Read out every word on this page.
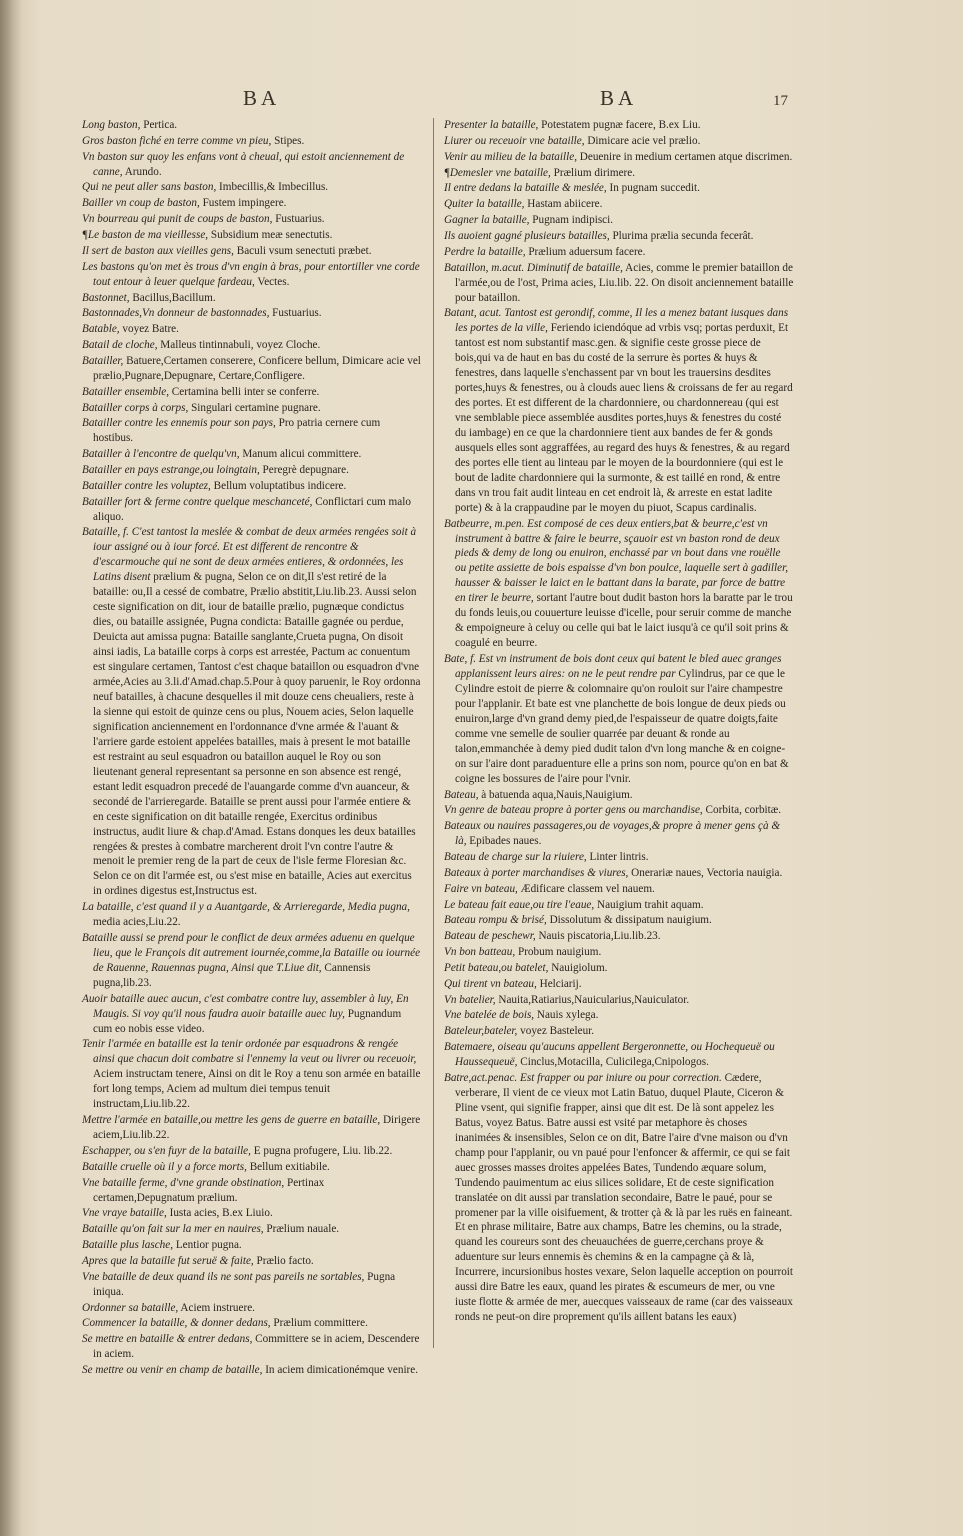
BA	BA	17

Long baston, Pertica.

Gros baston fiché en terre comme vn pieu, Stipes.

Vn baston sur quoy les enfans vont à cheual, qui estoit anciennement de canne, Arundo.

Qui ne peut aller sans baston, Imbecillis,& Imbecillus.

Bailler vn coup de baston, Fustem impingere.

Vn bourreau qui punit de coups de baston, Fustuarius.

¶Le baston de ma vieillesse, Subsidium meæ senectutis.

Il sert de baston aux vieilles gens, Baculi vsum senectuti præbet.

Les bastons qu'on met ès trous d'vn engin à bras, pour entortiller vne corde tout entour à leuer quelque fardeau, Vectes.

Bastonnet, Bacillus,Bacillum.

Bastonnades,Vn donneur de bastonnades, Fustuarius.

Batable, voyez Batre.

Batail de cloche, Malleus tintinnabuli, voyez Cloche.

Batailler, Batuere,Certamen conserere, Conficere bellum, Dimicare acie vel prælio,Pugnare,Depugnare, Certare,Confligere.

Batailler ensemble, Certamina belli inter se conferre.

Batailler corps à corps, Singulari certamine pugnare.

Batailler contre les ennemis pour son pays, Pro patria cernere cum hostibus.

Batailler à l'encontre de quelqu'vn, Manum alicui committere.

Batailler en pays estrange,ou loingtain, Peregrè depugnare.

Batailler contre les voluptez, Bellum voluptatibus indicere.

Batailler fort & ferme contre quelque meschanceté, Conflictari cum malo aliquo.

Bataille, f. C'est tantost la meslée & combat de deux armées rengées soit à iour assigné ou à iour forcé. Et est different de rencontre & d'escarmouche qui ne sont de deux armées entieres, & ordonnées, les Latins disent prælium & pugna, Selon ce on dit,Il s'est retiré de la bataille: ou,Il a cessé de combatre, Prælio abstitit,Liu.lib.23. Aussi selon ceste signification on dit, iour de bataille prælio, pugnæque condictus dies, ou bataille assignée, Pugna condicta: Bataille gagnée ou perdue, Deuicta aut amissa pugna: Bataille sanglante,Crueta pugna, On disoit ainsi iadis, La bataille corps à corps est arrestée, Pactum ac conuentum est singulare certamen, Tantost c'est chaque bataillon ou esquadron d'vne armée,Acies au 3.li.d'Amad.chap.5.Pour à quoy paruenir, le Roy ordonna neuf batailles, à chacune desquelles il mit douze cens cheualiers, reste à la sienne qui estoit de quinze cens ou plus, Nouem acies, Selon laquelle signification anciennement en l'ordonnance d'vne armée & l'auant & l'arriere garde estoient appelées batailles, mais à present le mot bataille est restraint au seul esquadron ou bataillon auquel le Roy ou son lieutenant general representant sa personne en son absence est rengé, estant ledit esquadron precedé de l'auangarde comme d'vn auanceur, & secondé de l'arrieregarde. Bataille se prent aussi pour l'armée entiere & en ceste signification on dit bataille rengée, Exercitus ordinibus instructus, audit liure & chap.d'Amad. Estans donques les deux batailles rengées & prestes à combatre marcherent droit l'vn contre l'autre & menoit le premier reng de la part de ceux de l'isle ferme Floresian &c. Selon ce on dit l'armée est, ou s'est mise en bataille, Acies aut exercitus in ordines digestus est,Instructus est.

La bataille, c'est quand il y a Auantgarde, & Arrieregarde, Media pugna, media acies,Liu.22.

Bataille aussi se prend pour le conflict de deux armées aduenu en quelque lieu, que le François dit autrement iournée,comme,la Bataille ou iournée de Rauenne, Rauennas pugna, Ainsi que T.Liue dit, Cannensis pugna,lib.23.

Auoir bataille auec aucun, c'est combatre contre luy, assembler à luy, En Maugis. Si voy qu'il nous faudra auoir bataille auec luy, Pugnandum cum eo nobis esse video.

Tenir l'armée en bataille est la tenir ordonée par esquadrons & rengée ainsi que chacun doit combatre si l'ennemy la veut ou livrer ou receuoir, Aciem instructam tenere, Ainsi on dit le Roy a tenu son armée en bataille fort long temps, Aciem ad multum diei tempus tenuit instructam,Liu.lib.22.

Mettre l'armée en bataille,ou mettre les gens de guerre en bataille, Dirigere aciem,Liu.lib.22.

Eschapper, ou s'en fuyr de la bataille, E pugna profugere, Liu. lib.22.

Bataille cruelle où il y a force morts, Bellum exitiabile.

Vne bataille ferme, d'vne grande obstination, Pertinax certamen,Depugnatum prælium.

Vne vraye bataille, Iusta acies, B.ex Liuio.

Bataille qu'on fait sur la mer en nauires, Prælium nauale.

Bataille plus lasche, Lentior pugna.

Apres que la bataille fut seruë & faite, Prælio facto.

Vne bataille de deux quand ils ne sont pas pareils ne sortables, Pugna iniqua.

Ordonner sa bataille, Aciem instruere.

Commencer la bataille, & donner dedans, Prælium committere.

Se mettre en bataille & entrer dedans, Committere se in aciem, Descendere in aciem.

Se mettre ou venir en champ de bataille, In aciem dimicationémque venire.

Presenter la bataille, Potestatem pugnæ facere, B.ex Liu.

Liurer ou receuoir vne bataille, Dimicare acie vel prælio.

Venir au milieu de la bataille, Deuenire in medium certamen atque discrimen.

¶Demesler vne bataille, Prælium dirimere.

Il entre dedans la bataille & meslée, In pugnam succedit.

Quiter la bataille, Hastam abiicere.

Gagner la bataille, Pugnam indipisci.

Ils auoient gagné plusieurs batailles, Plurima prælia secunda fecerât.

Perdre la bataille, Prælium aduersum facere.

Bataillon, m.acut. Diminutif de bataille, Acies, comme le premier bataillon de l'armée,ou de l'ost, Prima acies, Liu.lib. 22. On disoit anciennement bataille pour bataillon.

Batant, acut. Tantost est gerondif, comme, Il les a menez batant iusques dans les portes de la ville, Feriendo iciendóque ad vrbis vsq; portas perduxit, Et tantost est nom substantif masc.gen. & signifie ceste grosse piece de bois,qui va de haut en bas du costé de la serrure ès portes & huys & fenestres, dans laquelle s'enchassent par vn bout les trauersins desdites portes,huys & fenestres, ou à clouds auec liens & croissans de fer au regard des portes. Et est different de la chardonniere, ou chardonnereau (qui est vne semblable piece assemblée ausdites portes,huys & fenestres du costé du iambage) en ce que la chardonniere tient aux bandes de fer & gonds ausquels elles sont aggraffées, au regard des huys & fenestres, & au regard des portes elle tient au linteau par le moyen de la bourdonniere (qui est le bout de ladite chardonniere qui la surmonte, & est taillé en rond, & entre dans vn trou fait audit linteau en cet endroit là, & arreste en estat ladite porte) & à la crappaudine par le moyen du piuot, Scapus cardinalis.

Batbeurre, m.pen. Est composé de ces deux entiers,bat & beurre,c'est vn instrument à battre & faire le beurre, sçauoir est vn baston rond de deux pieds & demy de long ou enuiron, enchassé par vn bout dans vne rouëlle ou petite assiette de bois espaisse d'vn bon poulce, laquelle sert à gadiller, hausser & baisser le laict en le battant dans la barate, par force de battre en tirer le beurre, sortant l'autre bout dudit baston hors la baratte par le trou du fonds leuis,ou couuerture leuisse d'icelle, pour seruir comme de manche & empoigneure à celuy ou celle qui bat le laict iusqu'à ce qu'il soit prins & coagulé en beurre.

Bate, f. Est vn instrument de bois dont ceux qui batent le bled auec granges applanissent leurs aires: on ne le peut rendre par Cylindrus, par ce que le Cylindre estoit de pierre & colomnaire qu'on rouloit sur l'aire champestre pour l'applanir. Et bate est vne planchette de bois longue de deux pieds ou enuiron,large d'vn grand demy pied,de l'espaisseur de quatre doigts,faite comme vne semelle de soulier quarrée par deuant & ronde au talon,emmanchée à demy pied dudit talon d'vn long manche & en coigne-on sur l'aire dont paraduenture elle a prins son nom, pource qu'on en bat & coigne les bossures de l'aire pour l'vnir.

Bateau, à batuenda aqua,Nauis,Nauigium.

Vn genre de bateau propre à porter gens ou marchandise, Corbita, corbitæ.

Bateaux ou nauires passageres,ou de voyages,& propre à mener gens çà & là, Epibades naues.

Bateau de charge sur la riuiere, Linter lintris.

Bateaux à porter marchandises & viures, Onerariæ naues, Vectoria nauigia.

Faire vn bateau, Ædificare classem vel nauem.

Le bateau fait eaue,ou tire l'eaue, Nauigium trahit aquam.

Bateau rompu & brisé, Dissolutum & dissipatum nauigium.

Bateau de peschewr, Nauis piscatoria,Liu.lib.23.

Vn bon batteau, Probum nauigium.

Petit bateau,ou batelet, Nauigiolum.

Qui tirent vn bateau, Helciarij.

Vn batelier, Nauita,Ratiarius,Nauicularius,Nauiculator.

Vne batelée de bois, Nauis xylega.

Bateleur,bateler, voyez Basteleur.

Batemaere, oiseau qu'aucuns appellent Bergeronnette, ou Hochequeuë ou Haussequeuë, Cinclus,Motacilla, Culicilega,Cnipologos.

Batre,act.penac. Est frapper ou par iniure ou pour correction. Cædere, verberare, Il vient de ce vieux mot Latin Batuo, duquel Plaute, Ciceron & Pline vsent, qui signifie frapper, ainsi que dit est. De là sont appelez les Batus, voyez Batus. Batre aussi est vsité par metaphore ès choses inanimées & insensibles, Selon ce on dit, Batre l'aire d'vne maison ou d'vn champ pour l'applanir, ou vn paué pour l'enfoncer & affermir, ce qui se fait auec grosses masses droites appelées Bates, Tundendo æquare solum, Tundendo pauimentum ac eius silices solidare, Et de ceste signification translatée on dit aussi par translation secondaire, Batre le paué, pour se promener par la ville oisifuement, & trotter çà & là par les ruës en faineant. Et en phrase militaire, Batre aux champs, Batre les chemins, ou la strade, quand les coureurs sont des cheuauchées de guerre,cerchans proye & aduenture sur leurs ennemis ès chemins & en la campagne çà & là, Incurrere, incursionibus hostes vexare, Selon laquelle acception on pourroit aussi dire Batre les eaux, quand les pirates & escumeurs de mer, ou vne iuste flotte & armée de mer, auecques vaisseaux de rame (car des vaisseaux ronds ne peut-on dire proprement qu'ils aillent batans les eaux)
